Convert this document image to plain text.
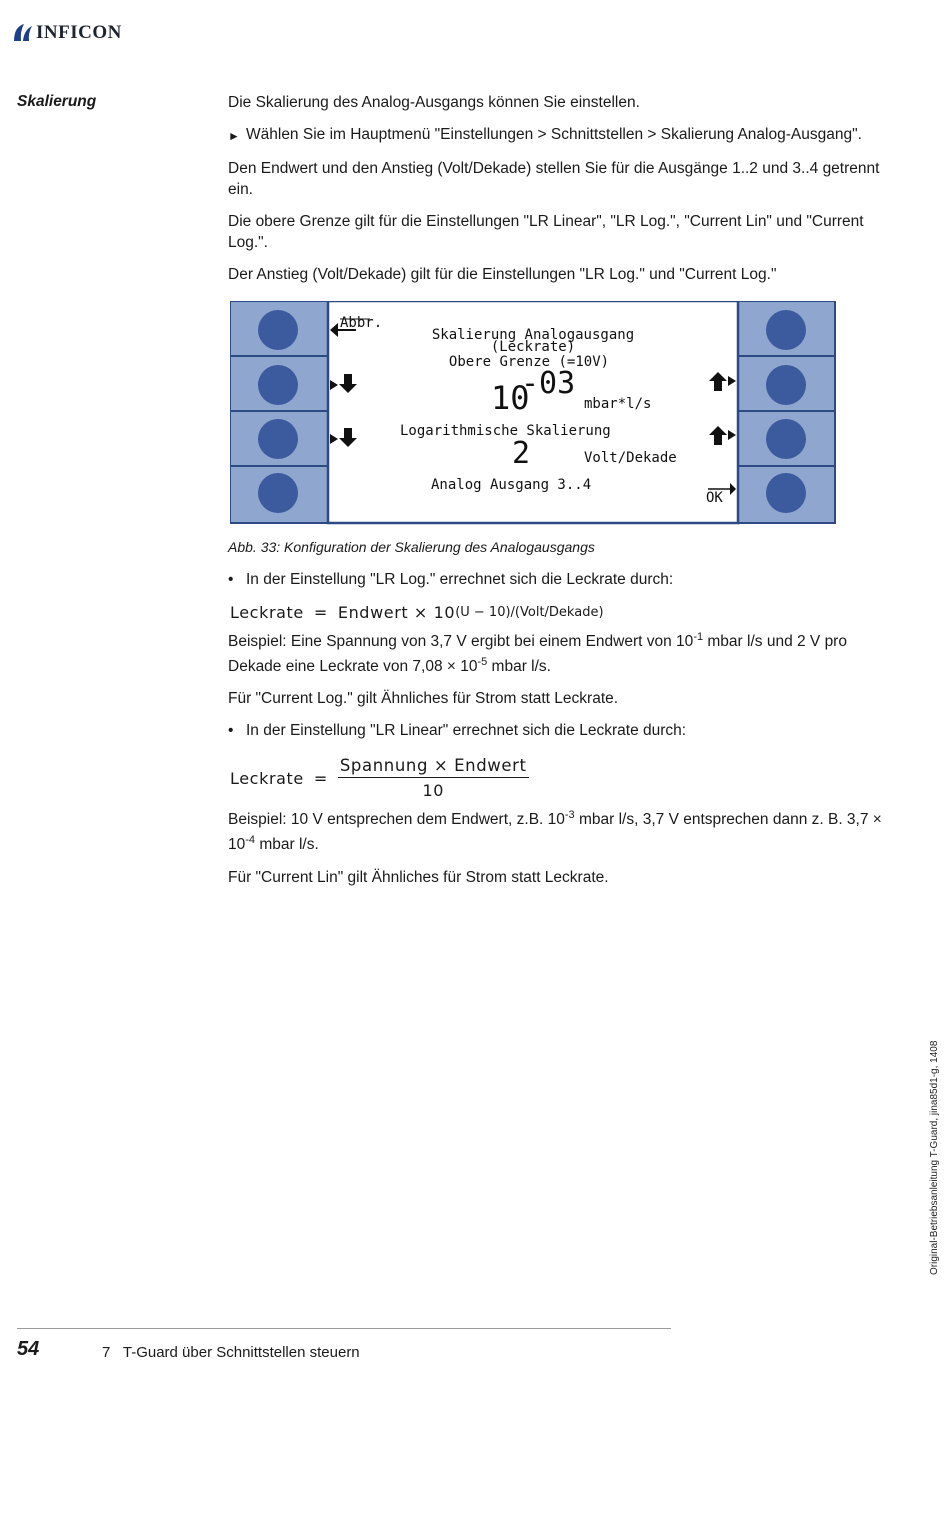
INFICON
Skalierung	Die Skalierung des Analog-Ausgangs können Sie einstellen.

► Wählen Sie im Hauptmenü "Einstellungen > Schnittstellen > Skalierung Analog-Ausgang".

Den Endwert und den Anstieg (Volt/Dekade) stellen Sie für die Ausgänge 1..2 und 3..4 getrennt ein.

Die obere Grenze gilt für die Einstellungen "LR Linear", "LR Log.", "Current Lin" und "Current Log.".

Der Anstieg (Volt/Dekade) gilt für die Einstellungen "LR Log." und "Current Log."

Abbr.
Skalierung Analogausgang
(Leckrate)
Obere Grenze (=10V)
10
-03
mbar*l/s
Logarithmische Skalierung
2	Volt/Dekade
Analog Ausgang 3..4
OK

Abb. 33: Konfiguration der Skalierung des Analogausgangs

• In der Einstellung "LR Log." errechnet sich die Leckrate durch:
Leckrate = Endwert × 10 (U − 10)/(Volt/Dekade)

Beispiel: Eine Spannung von 3,7 V ergibt bei einem Endwert von $10^{-1}$ mbar l/s und 2 V pro Dekade eine Leckrate von $7,08 \times 10^{-5}$ mbar l/s.

Für "Current Log." gilt Ähnliches für Strom statt Leckrate.

• In der Einstellung "LR Linear" errechnet sich die Leckrate durch:
Leckrate = $\frac{\text{Spannung × Endwert}}{10}$

Beispiel: 10 V entsprechen dem Endwert, z.B. $10^{-3}$ mbar l/s, 3,7 V entsprechen dann z. B. $3,7 \times 10^{-4}$ mbar l/s.

Für "Current Lin" gilt Ähnliches für Strom statt Leckrate.

Original-Betriebsanleitung T-Guard, jina85d1-g, 1408
54	7 T-Guard über Schnittstellen steuern
